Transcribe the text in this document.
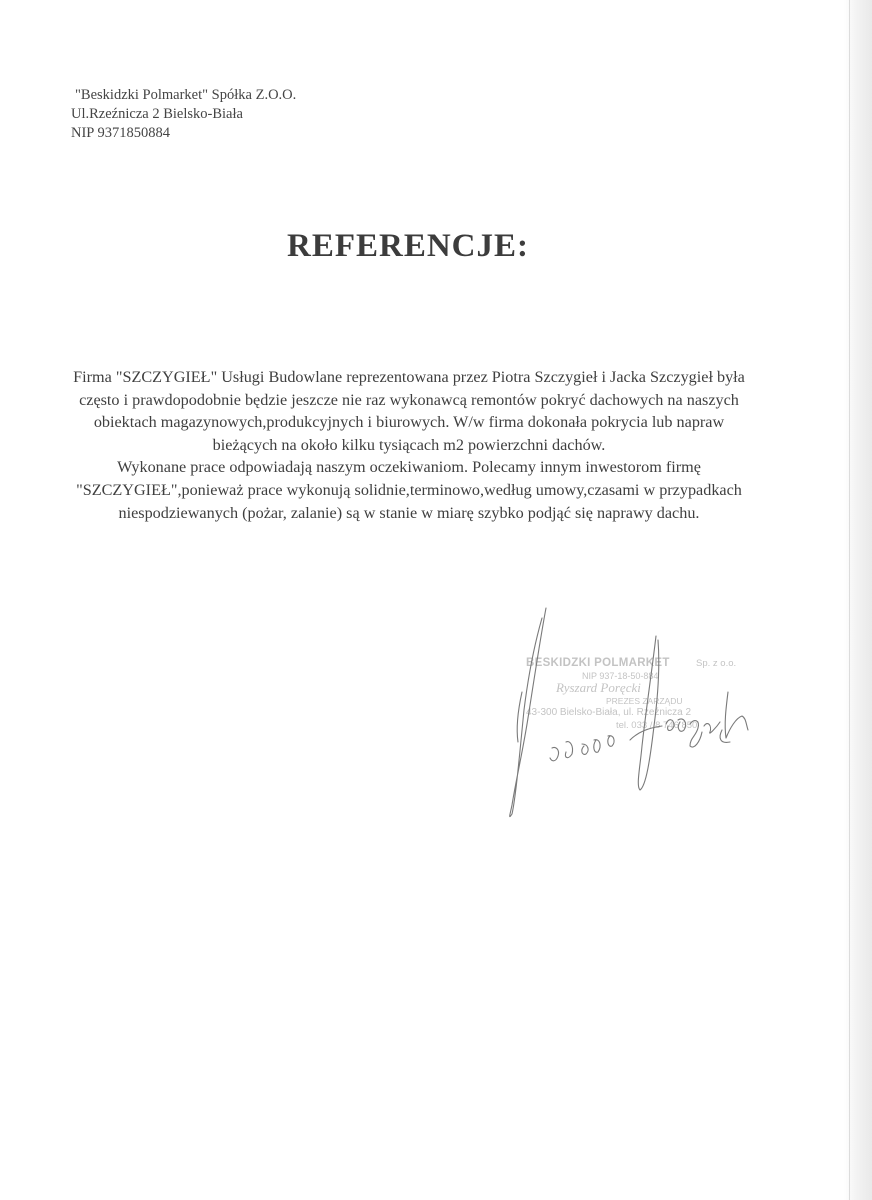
"Beskidzki Polmarket" Spółka Z.O.O.
Ul.Rzeźnicza 2 Bielsko-Biała
NIP 9371850884
REFERENCJE:
Firma "SZCZYGIEŁ" Usługi Budowlane reprezentowana przez Piotra Szczygieł i Jacka Szczygieł była często i prawdopodobnie będzie jeszcze nie raz wykonawcą remontów pokryć dachowych na naszych obiektach magazynowych,produkcyjnych i biurowych. W/w firma dokonała pokrycia lub napraw bieżących na około kilku tysiącach m2 powierzchni dachów.
Wykonane prace odpowiadają naszym oczekiwaniom. Polecamy innym inwestorom firmę "SZCZYGIEŁ",ponieważ prace wykonują solidnie,terminowo,według umowy,czasami w przypadkach niespodziewanych (pożar, zalanie) są w stanie w miarę szybko podjąć się naprawy dachu.
BESKIDZKI POLMARKET	Sp. z o.o.
NIP 937-18-50-884
Ryszard Poręcki
PREZES ZARZĄDU
43-300 Bielsko-Biała, ul. Rzeźnicza 2
tel. 033 / 8 746 850
